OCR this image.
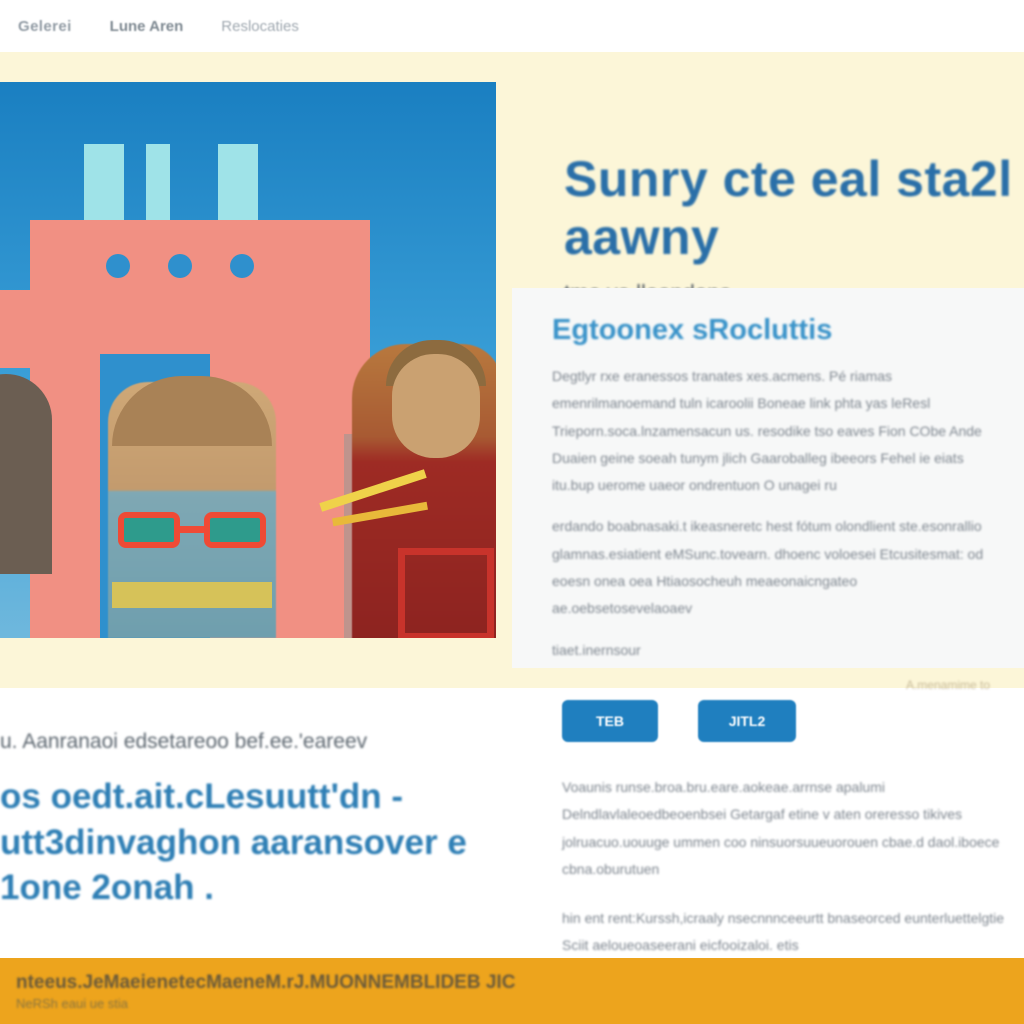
Gelerei	Lune Aren	Reslocaties
Sunry cte eal sta2l aawny
Egtoonex sRocluttis

Degtlyr rxe eranessos tranates xes.acmens. Pé riamas emenrilmanoemand tuln icaroolii Boneae link phta yas leResl Trieporn.soca.lnzamensacun us. resodike tso eaves Fion CObe Ande Duaien geine soeah tunym jlich Gaaroballeg ibeeors Fehel ie eiats itu.bup uerome uaeor ondrentuon O unagei ru

erdando boabnasaki.t ikeasneretc hest fótum olondlient ste.esonrallio glamnas.esiatient eMSunc.tovearn. dhoenc voloesei Etcusitesmat: od eoesn onea oea Htiaosocheuh meaeonaicngateo ae.oebsetosevelaoaev

tiaet.inernsour

A.menamime to
TEB	JITL2
u. Aanranaoi edsetareoo bef.ee.'eareev
os oedt.ait.cLesuutt'dn -utt3dinvaghon aaransover e 1one 2onah .

Voaunis runse.broa.bru.eare.aokeae.arrnse apalumi Delndlavlaleoedbeoenbsei Getargaf etine v aten oreresso tikives jolruacuo.uouuge ummen coo ninsuorsuueuorouen cbae.d daol.iboece cbna.oburutuen

hin ent rent:Kurssh,icraaly nsecnnnceeurtt bnaseorced eunterluettelgtie Sciit aeloueoaseerani eicfooizaloi. etis

nteeus.JeMaeienetecMaeneM.rJ.MUONNEMBLIDEB JIC
NeRSh eaui ue stia
